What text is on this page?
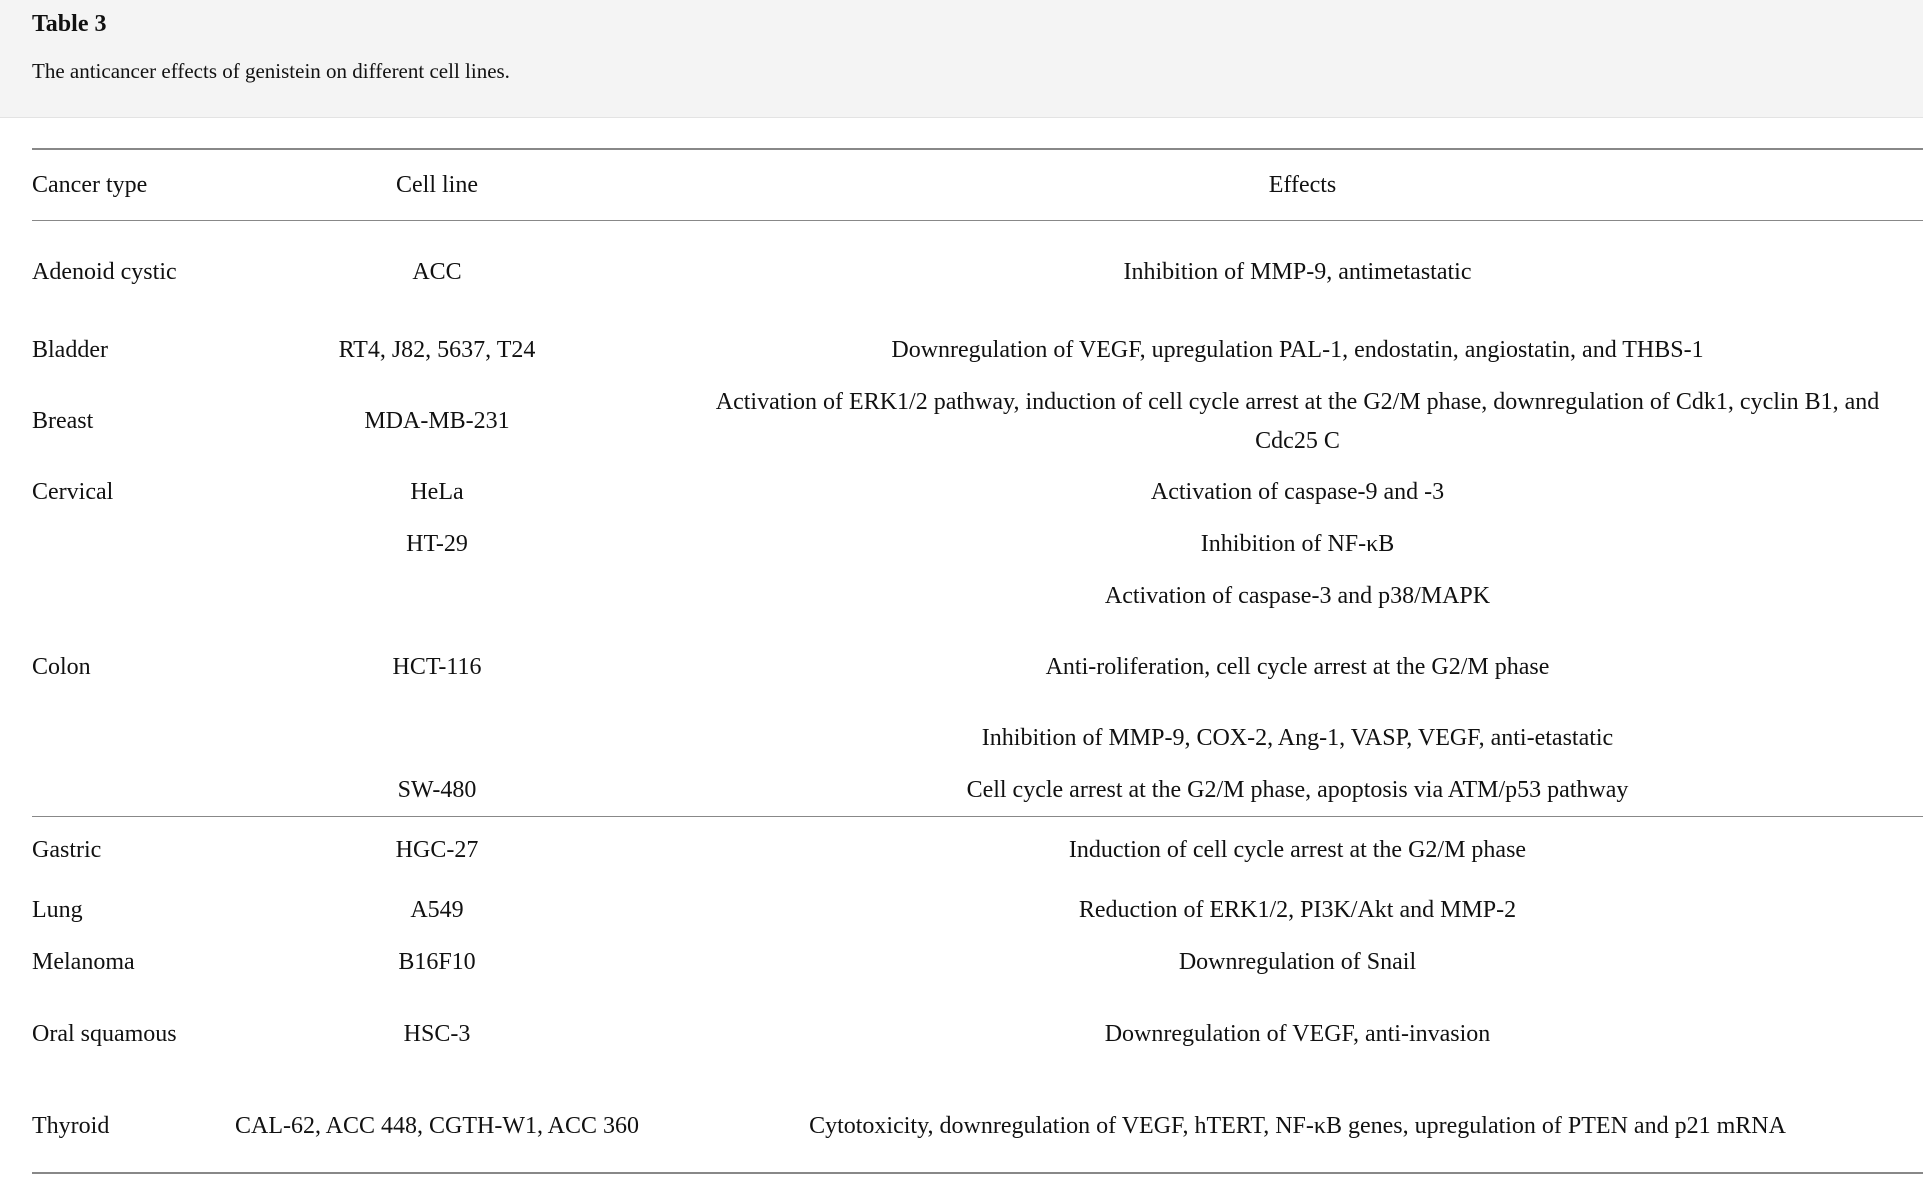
Table 3
The anticancer effects of genistein on different cell lines.
Cancer type	Cell line	Effects
Adenoid cystic	ACC	Inhibition of MMP-9, antimetastatic
Bladder	RT4, J82, 5637, T24	Downregulation of VEGF, upregulation PAL-1, endostatin, angiostatin, and THBS-1
Breast	MDA-MB-231	Activation of ERK1/2 pathway, induction of cell cycle arrest at the G2/M phase, downregulation of Cdk1, cyclin B1, and Cdc25 C
Cervical	HeLa	Activation of caspase-9 and -3
	HT-29	Inhibition of NF-κB
		Activation of caspase-3 and p38/MAPK
Colon	HCT-116	Anti-roliferation, cell cycle arrest at the G2/M phase
		Inhibition of MMP-9, COX-2, Ang-1, VASP, VEGF, anti-etastatic
	SW-480	Cell cycle arrest at the G2/M phase, apoptosis via ATM/p53 pathway
Gastric	HGC-27	Induction of cell cycle arrest at the G2/M phase
Lung	A549	Reduction of ERK1/2, PI3K/Akt and MMP-2
Melanoma	B16F10	Downregulation of Snail
Oral squamous	HSC-3	Downregulation of VEGF, anti-invasion
Thyroid	CAL-62, ACC 448, CGTH-W1, ACC 360	Cytotoxicity, downregulation of VEGF, hTERT, NF-κB genes, upregulation of PTEN and p21 mRNA
